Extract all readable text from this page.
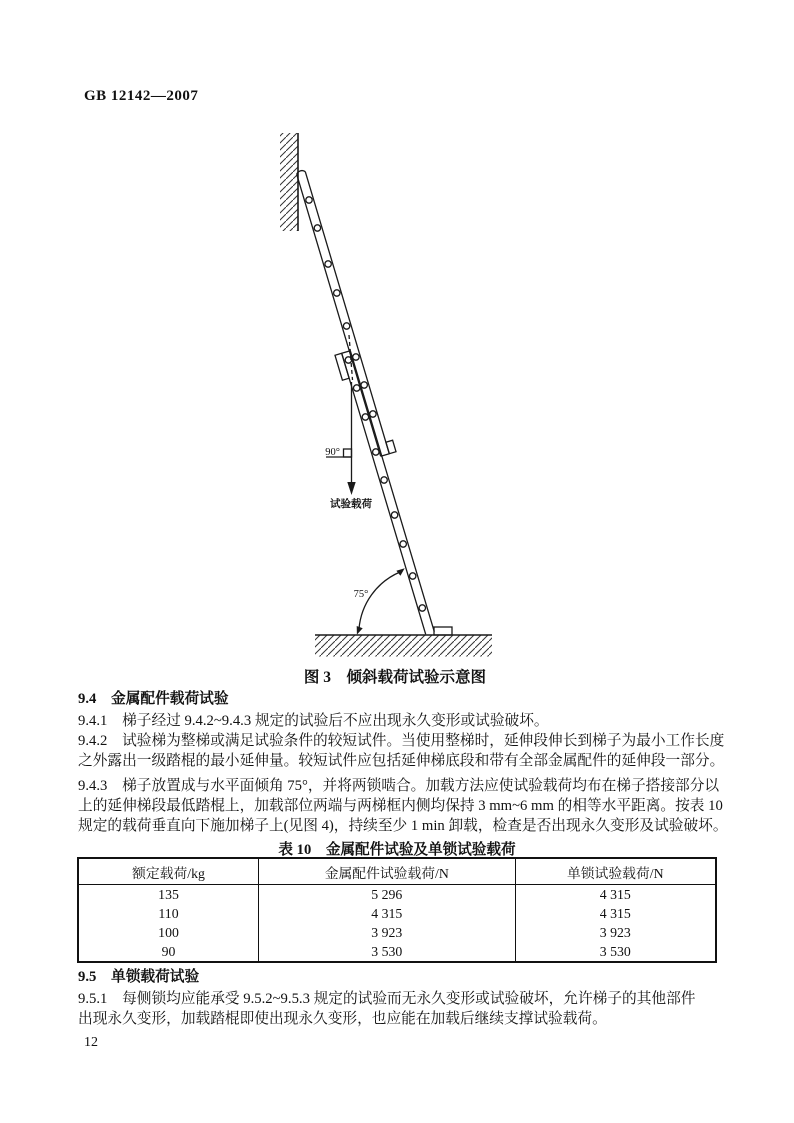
GB 12142—2007
90°
试验载荷
75°
图 3　倾斜载荷试验示意图
9.4　金属配件载荷试验
9.4.1　梯子经过 9.4.2~9.4.3 规定的试验后不应出现永久变形或试验破坏。
9.4.2　试验梯为整梯或满足试验条件的较短试件。当使用整梯时，延伸段伸长到梯子为最小工作长度
之外露出一级踏棍的最小延伸量。较短试件应包括延伸梯底段和带有全部金属配件的延伸段一部分。
9.4.3　梯子放置成与水平面倾角 75°，并将两锁啮合。加载方法应使试验载荷均布在梯子搭接部分以
上的延伸梯段最低踏棍上，加载部位两端与两梯框内侧均保持 3 mm~6 mm 的相等水平距离。按表 10
规定的载荷垂直向下施加梯子上(见图 4)，持续至少 1 min 卸载，检查是否出现永久变形及试验破坏。
表 10　金属配件试验及单锁试验载荷
额定载荷/kg	金属配件试验载荷/N	单锁试验载荷/N
135	5 296	4 315
110	4 315	4 315
100	3 923	3 923
90	3 530	3 530
9.5　单锁载荷试验
9.5.1　每侧锁均应能承受 9.5.2~9.5.3 规定的试验而无永久变形或试验破坏，允许梯子的其他部件
出现永久变形，加载踏棍即使出现永久变形，也应能在加载后继续支撑试验载荷。
12
